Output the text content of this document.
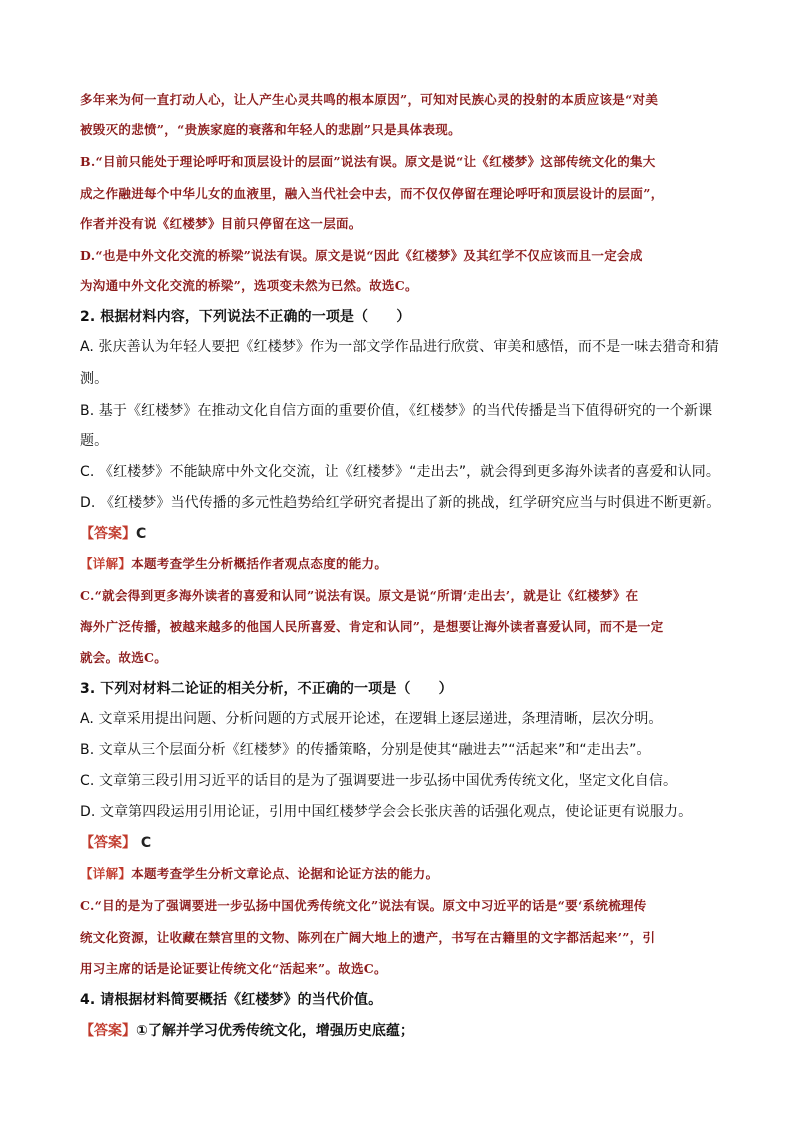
多年来为何一直打动人心，让人产生心灵共鸣的根本原因”，可知对民族心灵的投射的本质应该是“对美
被毁灭的悲愤”，“贵族家庭的衰落和年轻人的悲剧”只是具体表现。
B.“目前只能处于理论呼吁和顶层设计的层面”说法有误。原文是说“让《红楼梦》这部传统文化的集大
成之作融进每个中华儿女的血液里，融入当代社会中去，而不仅仅停留在理论呼吁和顶层设计的层面”，
作者并没有说《红楼梦》目前只停留在这一层面。
D.“也是中外文化交流的桥梁”说法有误。原文是说“因此《红楼梦》及其红学不仅应该而且一定会成
为沟通中外文化交流的桥梁”，选项变未然为已然。故选C。
2. 根据材料内容，下列说法不正确的一项是（　　）
A. 张庆善认为年轻人要把《红楼梦》作为一部文学作品进行欣赏、审美和感悟，而不是一味去猎奇和猜
测。
B. 基于《红楼梦》在推动文化自信方面的重要价值，《红楼梦》的当代传播是当下值得研究的一个新课
题。
C. 《红楼梦》不能缺席中外文化交流，让《红楼梦》“走出去”，就会得到更多海外读者的喜爱和认同。
D. 《红楼梦》当代传播的多元性趋势给红学研究者提出了新的挑战，红学研究应当与时俱进不断更新。
【答案】C
【详解】本题考查学生分析概括作者观点态度的能力。
C.“就会得到更多海外读者的喜爱和认同”说法有误。原文是说“所谓‘走出去’，就是让《红楼梦》在
海外广泛传播，被越来越多的他国人民所喜爱、肯定和认同”，是想要让海外读者喜爱认同，而不是一定
就会。故选C。
3. 下列对材料二论证的相关分析，不正确的一项是（　　）
A. 文章采用提出问题、分析问题的方式展开论述，在逻辑上逐层递进，条理清晰，层次分明。
B. 文章从三个层面分析《红楼梦》的传播策略，分别是使其“融进去”“活起来”和“走出去”。
C. 文章第三段引用习近平的话目的是为了强调要进一步弘扬中国优秀传统文化，坚定文化自信。
D. 文章第四段运用引用论证，引用中国红楼梦学会会长张庆善的话强化观点，使论证更有说服力。
【答案】 C
【详解】本题考查学生分析文章论点、论据和论证方法的能力。
C.“目的是为了强调要进一步弘扬中国优秀传统文化”说法有误。原文中习近平的话是“要‘系统梳理传
统文化资源，让收藏在禁宫里的文物、陈列在广阔大地上的遗产，书写在古籍里的文字都活起来’”，引
用习主席的话是论证要让传统文化“活起来”。故选C。
4. 请根据材料简要概括《红楼梦》的当代价值。
【答案】①了解并学习优秀传统文化，增强历史底蕴；
